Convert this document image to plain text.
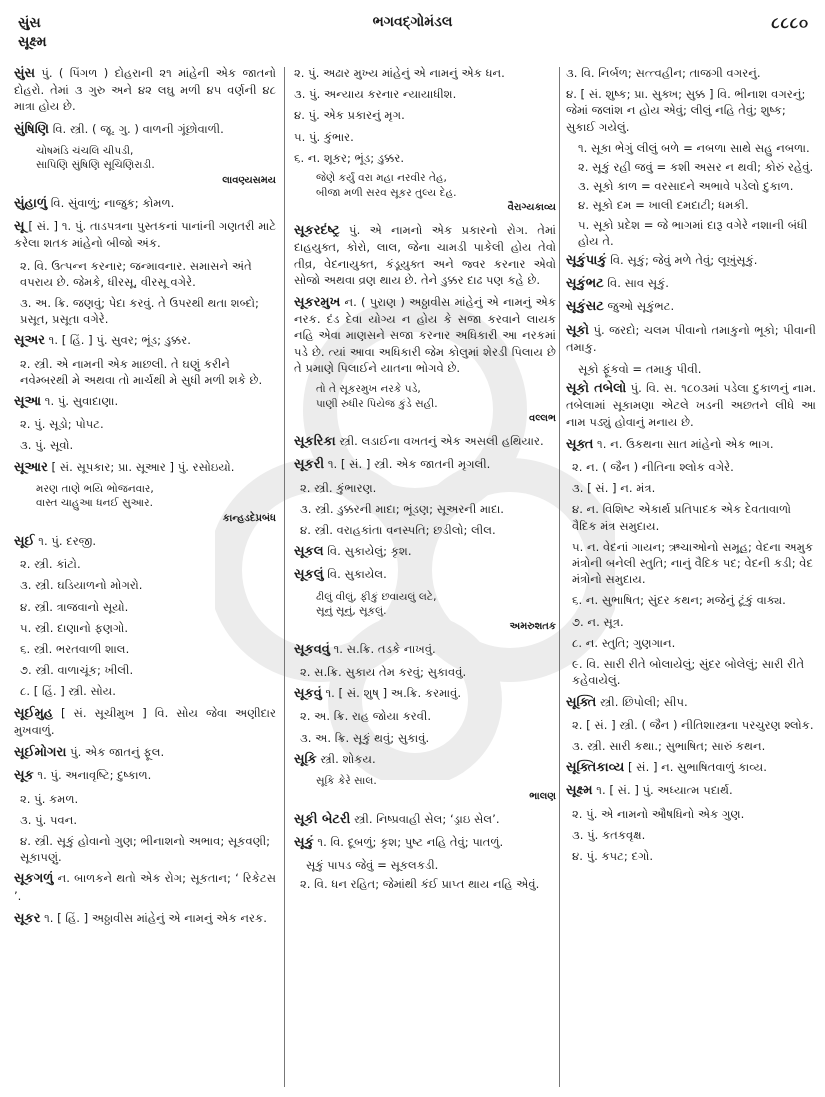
સુંસ
સૂક્ષ્મ
ભગવદ્ગોમંડલ	૮૮૮૦
સુંસ પું. ( પિંગળ ) દોહરાની ૨૧ માંહેની એક જાતનો દોહરો. તેમાં ૩ ગુરુ અને ૪૨ લઘુ મળી ૪૫ વર્ણની ૪૮ માત્રા હોય છે.
સુંષિણિ વિ. સ્ત્રી. ( જૂ. ગુ. ) વાળની ગૂંછોવાળી.
ચોષમંડિ ચંચલિ ચીપડી,
સાપિણિ સુંષિણિ સૂચિણિરાડી.
લાવણ્યસમય
સુંહાળું વિ. સુંવાળું; નાજુક; કોમળ.
સૂ [ સં. ] ૧. પું. તાડપત્રના પુસ્તકનાં પાનાંની ગણતરી માટે કરેલા શતક માંહેનો બીજો અંક.
૨. વિ. ઉત્પન્ન કરનાર; જન્માવનાર. સમાસને અંતે વપરાય છે. જેમકે, ધીરસૂ, વીરસૂ વગેરે.
૩. અ. ક્રિ. જણવું; પેદા કરવું. તે ઉપરથી થતા શબ્દો; પ્રસૂત, પ્રસૂતા વગેરે.
સૂઅર ૧. [ હિં. ] પું. સુવર; ભૂંડ; ડુક્કર.
૨. સ્ત્રી. એ નામની એક માછલી. તે ઘણું કરીને નવેમ્બરથી મે અથવા તો માર્ચથી મે સુધી મળી શકે છે.
સૂઆ ૧. પું. સુવાદાણા.
૨. પું. સૂડો; પોપટ.
૩. પું. સૂવો.
સૂઆર [ સં. સૂપકાર; પ્રા. સૂઆર ] પું. રસોઇયો.
મરણ તાણે ભયિ ભોજનવાર,
વાસ્ત ચાહુઆ ધનઈ સુઆર.
કાન્હડદેપ્રબંધ
સૂઈ ૧. પું. દરજી.
૨. સ્ત્રી. કાંટો.
૩. સ્ત્રી. ઘડિયાળનો મોગરો.
૪. સ્ત્રી. ત્રાજવાનો સૂયો.
૫. સ્ત્રી. દાણાનો ફણગો.
૬. સ્ત્રી. ભરતવાળી શાલ.
૭. સ્ત્રી. વાળાચૂંક; ખીલી.
૮. [ હિં. ] સ્ત્રી. સોય.
સૂઈમુહ [ સં. સૂચીમુખ ] વિ. સોય જેવા અણીદાર મુખવાળું.
સૂઈમોગરા પું. એક જાતનું ફૂલ.
સૂક ૧. પું. અનાવૃષ્ટિ; દુષ્કાળ.
૨. પું. કમળ.
૩. પું. પવન.
૪. સ્ત્રી. સૂકું હોવાનો ગુણ; ભીનાશનો અભાવ; સૂકવણી; સૂકાપણું.
સૂકગળું ન. બાળકને થતો એક રોગ; સૂકતાન; ‘ રિકેટસ ’.
સૂકર ૧. [ હિં. ] અઠ્ઠાવીસ માંહેનું એ નામનું એક નરક.
૨. પું. અઢાર મુખ્ય માંહેનું એ નામનું એક ધન.
૩. પું. અન્યાય કરનાર ન્યાયાધીશ.
૪. પું. એક પ્રકારનું મૃગ.
૫. પું. કુંભાર.
૬. ન. શૂકર; ભૂંડ; ડુક્કર.
જેણે કર્યું વરા મહા નરવીર તેહ,
બીજા મળી સરવ સૂકર તુલ્ય દેહ.
વૈરાગ્યકાવ્ય
સૂકરદંષ્ટ્ર પું. એ નામનો એક પ્રકારનો રોગ. તેમાં દાહયુક્ત, કોરો, લાલ, જેના ચામડી પાકેલી હોય તેવો તીવ્ર, વેદનાયુક્ત, કંડૂયુક્ત અને જ્વર કરનાર એવો સોજો અથવા વ્રણ થાય છે. તેને ડુક્કર દાઢ પણ કહે છે.
સૂકરમુખ ન. ( પુરાણ ) અઠ્ઠાવીસ માંહેનું એ નામનું એક નરક. દંડ દેવા યોગ્ય ન હોય કે સજા કરવાને લાયક નહિ એવા માણસને સજા કરનાર અધિકારી આ નરકમાં પડે છે. ત્યાં આવા અધિકારી જેમ કોલુમાં શેરડી પિલાય છે તે પ્રમાણે પિલાઈને યાતના ભોગવે છે.
તો તે સૂકરમુખ નરકે પડે,
પાણી રુધીર પિયેજ કુંડે સહી.
વલ્લભ
સૂકરિકા સ્ત્રી. લડાઈના વખતનું એક અસલી હથિયાર.
સૂકરી ૧. [ સં. ] સ્ત્રી. એક જાતની મૃગલી.
૨. સ્ત્રી. કુંભારણ.
૩. સ્ત્રી. ડુક્કરની માદા; ભૂંડણ; સૂઅરની માદા.
૪. સ્ત્રી. વરાહકાંતા વનસ્પતિ; છડીલો; લીલ.
સૂકલ વિ. સુકાયેલું; કૃશ.
સૂકલું વિ. સુકાયેલ.
ઢીલું વીલું, ફીકું છવાયલું લટે,
સૂનું સૂનું, સૂકલું.
અમરુશતક
સૂકવવું ૧. સ.ક્રિ. તડકે નાખવું.
૨. સ.ક્રિ. સુકાય તેમ કરવું; સુકાવવું.
સૂકવું ૧. [ સં. શુષ્ ] અ.ક્રિ. કરમાવું.
૨. અ. ક્રિ. રાહ જોયા કરવી.
૩. અ. ક્રિ. સૂકું થવું; સુકાવું.
સૂકિ સ્ત્રી. શોકય.
સૂકિ કેરે સાલ.
ભાલણ
સૂકી બેટરી સ્ત્રી. નિષ્પ્રવાહી સેલ; ‘ડ્રાઇ સેલ’.
સૂકું ૧. વિ. દૂબળું; કૃશ; પુષ્ટ નહિ તેવું; પાતળું.
સૂકું પાપડ જેવું = સૂકલકડી.
૨. વિ. ધન રહિત; જેમાંથી કંઈ પ્રાપ્ત થાય નહિ એવું.
૩. વિ. નિર્બળ; સત્ત્વહીન; તાજગી વગરનું.
૪. [ સં. શુષ્ક; પ્રા. સુક્ખ; સુક્ક ] વિ. ભીનાશ વગરનું; જેમાં જલાંશ ન હોય એવું; લીલું નહિ તેવું; શુષ્ક; સુકાઈ ગયેલું.
૧. સૂકા ભેગું લીલું બળે = નબળા સાથે સહુ નબળા.
૨. સૂકું રહી જવું = કશી અસર ન થવી; કોરું રહેવું.
૩. સૂકો કાળ = વરસાદને અભાવે પડેલો દુકાળ.
૪. સૂકો દમ = ખાલી દમદાટી; ધમકી.
૫. સૂકો પ્રદેશ = જે ભાગમાં દારૂ વગેરે નશાની બંધી હોય તે.
સૂકુંપાકું વિ. સૂકું; જેવું મળે તેવું; લૂખુંસૂકું.
સૂકુંભટ વિ. સાવ સૂકું.
સૂકુંસટ જુઓ સૂકુંભટ.
સૂકો પું. જરદો; ચલમ પીવાનો તમાકુનો ભૂકો; પીવાની તમાકુ.
સૂકો ફૂંકવો = તમાકુ પીવી.
સૂકો તબેલો પું. વિ. સ. ૧૮૦૩માં પડેલા દુકાળનું નામ. તબેલામાં સૂકામણા એટલે ખડની અછતને લીધે આ નામ પડ્યું હોવાનું મનાય છે.
સૂક્ત ૧. ન. ઉકથના સાત માંહેનો એક ભાગ.
૨. ન. ( જૈન ) નીતિના શ્લોક વગેરે.
૩. [ સં. ] ન. મંત્ર.
૪. ન. વિશિષ્ટ એકાર્થ પ્રતિપાદક એક દેવતાવાળો વૈદિક મંત્ર સમુદાય.
૫. ન. વેદનાં ગાયન; ઋચાઓનો સમૂહ; વેદના અમુક મંત્રોની બનેલી સ્તુતિ; નાનું વૈદિક પદ; વેદની કડી; વેદ મંત્રોનો સમુદાય.
૬. ન. સુભાષિત; સુંદર કથન; મજેનું ટૂંકું વાક્ય.
૭. ન. સૂત્ર.
૮. ન. સ્તુતિ; ગુણગાન.
૯. વિ. સારી રીતે બોલાયેલું; સુંદર બોલેલું; સારી રીતે કહેવાયેલું.
સૂક્તિ સ્ત્રી. છિપોલી; સીપ.
૨. [ સં. ] સ્ત્રી. ( જૈન ) નીતિશાસ્ત્રના પરચુરણ શ્લોક.
૩. સ્ત્રી. સારી કથા.; સુભાષિત; સારું કથન.
સૂક્તિકાવ્ય [ સં. ] ન. સુભાષિતવાળું કાવ્ય.
સૂક્ષ્મ ૧. [ સં. ] પું. અધ્યાત્મ પદાર્થ.
૨. પું. એ નામનો ઔષધિનો એક ગુણ.
૩. પું. કતકવૃક્ષ.
૪. પું. કપટ; દગો.
